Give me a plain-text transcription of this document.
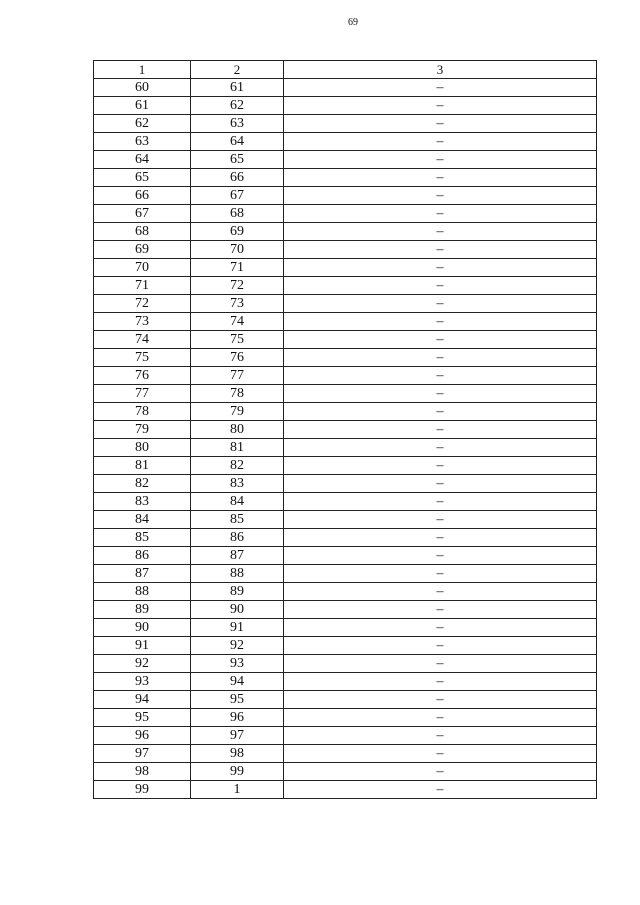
69
1	2	3
60	61	–
61	62	–
62	63	–
63	64	–
64	65	–
65	66	–
66	67	–
67	68	–
68	69	–
69	70	–
70	71	–
71	72	–
72	73	–
73	74	–
74	75	–
75	76	–
76	77	–
77	78	–
78	79	–
79	80	–
80	81	–
81	82	–
82	83	–
83	84	–
84	85	–
85	86	–
86	87	–
87	88	–
88	89	–
89	90	–
90	91	–
91	92	–
92	93	–
93	94	–
94	95	–
95	96	–
96	97	–
97	98	–
98	99	–
99	1	–
